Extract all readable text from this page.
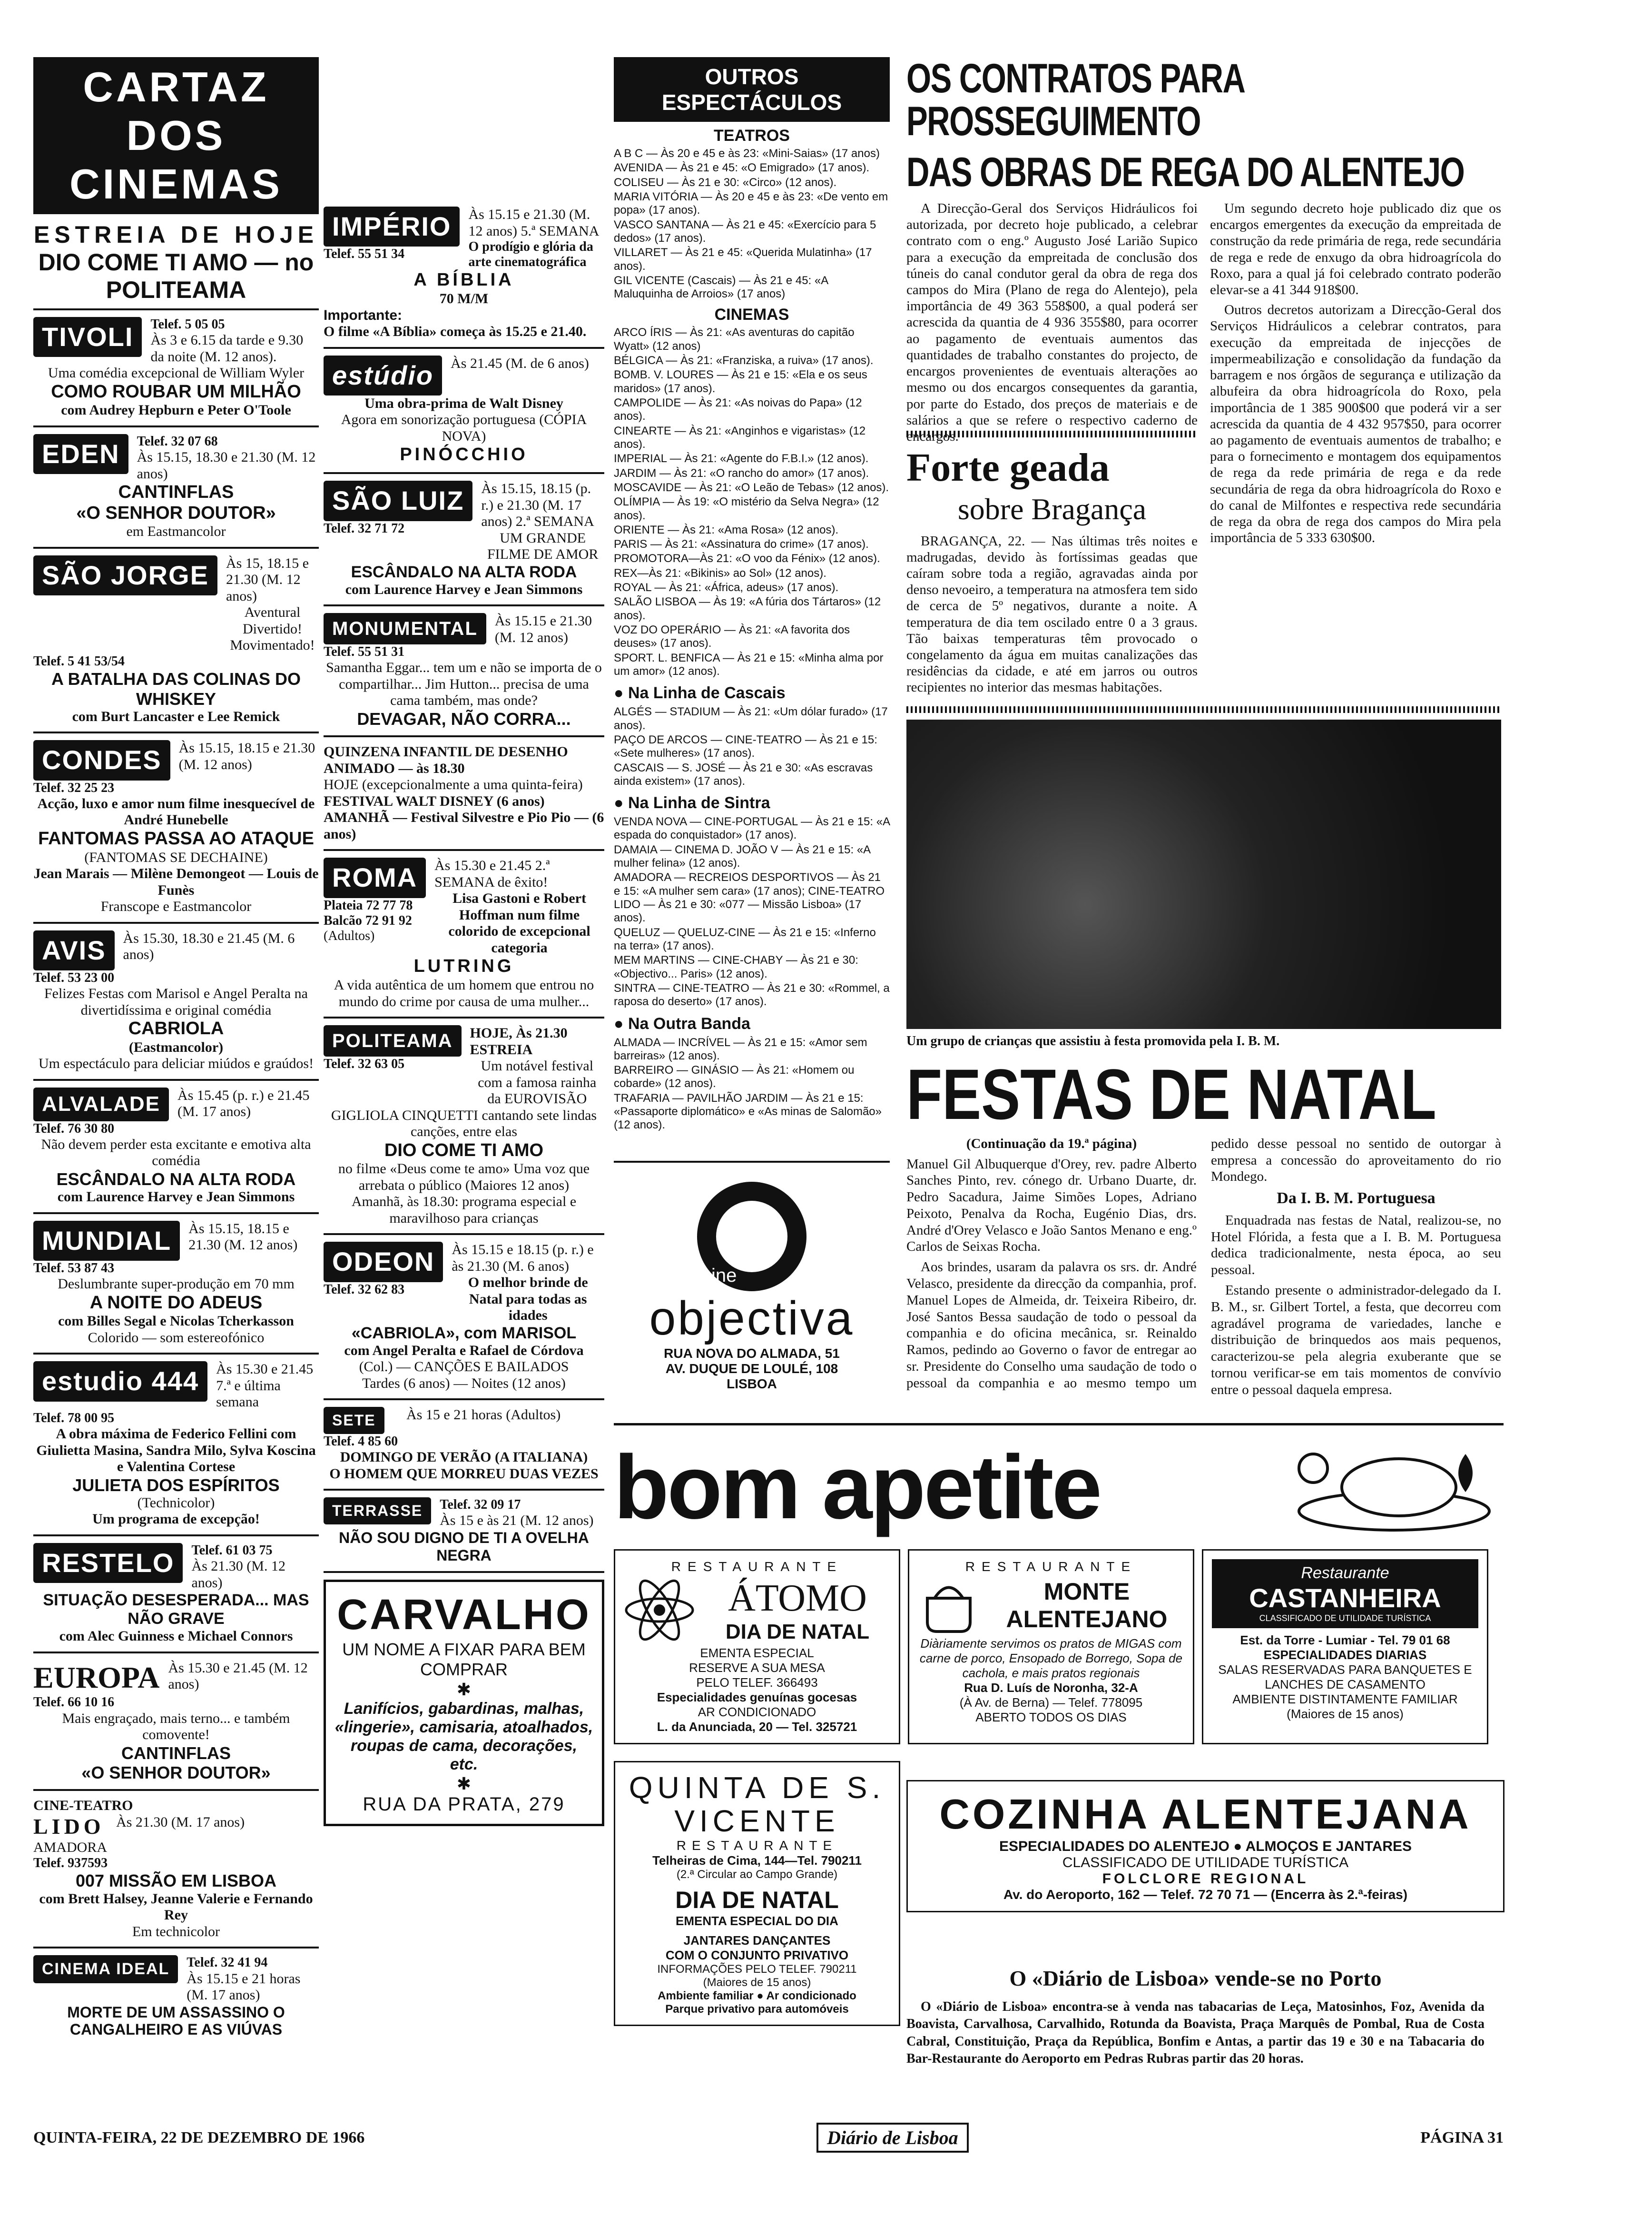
CARTAZ DOS CINEMAS
ESTREIA DE HOJE
DIO COME TI AMO — no POLITEAMA
TIVOLI	Telef. 5 05 05
Às 3 e 6.15 da tarde e 9.30 da noite (M. 12 anos).
Uma comédia excepcional de William Wyler
COMO ROUBAR UM MILHÃO
com Audrey Hepburn e Peter O'Toole
EDEN	Telef. 32 07 68
Às 15.15, 18.30 e 21.30 (M. 12 anos)
CANTINFLAS
«O SENHOR DOUTOR»
em Eastmancolor
SÃO JORGE	Às 15, 18.15 e 21.30 (M. 12 anos)
Aventural Divertido! Movimentado!
Telef. 5 41 53/54
A BATALHA DAS COLINAS DO WHISKEY
com Burt Lancaster e Lee Remick
CONDES	Às 15.15, 18.15 e 21.30 (M. 12 anos)
Telef. 32 25 23
Acção, luxo e amor num filme inesquecível de André Hunebelle
FANTOMAS PASSA AO ATAQUE
(FANTOMAS SE DECHAINE)
Jean Marais — Milène Demongeot — Louis de Funès
Franscope e Eastmancolor
AVIS	Às 15.30, 18.30 e 21.45 (M. 6 anos)
Telef. 53 23 00
Felizes Festas com Marisol e Angel Peralta na divertidíssima e original comédia
CABRIOLA
(Eastmancolor)
Um espectáculo para deliciar miúdos e graúdos!
ALVALADE	Às 15.45 (p. r.) e 21.45 (M. 17 anos)
Telef. 76 30 80
Não devem perder esta excitante e emotiva alta comédia
ESCÂNDALO NA ALTA RODA
com Laurence Harvey e Jean Simmons
MUNDIAL	Às 15.15, 18.15 e 21.30 (M. 12 anos)
Telef. 53 87 43
Deslumbrante super-produção em 70 mm
A NOITE DO ADEUS
com Billes Segal e Nicolas Tcherkasson
Colorido — som estereofónico
estudio 444	Às 15.30 e 21.45 7.ª e última semana
Telef. 78 00 95
A obra máxima de Federico Fellini com Giulietta Masina, Sandra Milo, Sylva Koscina e Valentina Cortese
JULIETA DOS ESPÍRITOS
(Technicolor)
Um programa de excepção!
RESTELO	Telef. 61 03 75
Às 21.30 (M. 12 anos)
SITUAÇÃO DESESPERADA... MAS NÃO GRAVE
com Alec Guinness e Michael Connors
EUROPA Às 15.30 e 21.45 (M. 12 anos)
Telef. 66 10 16
Mais engraçado, mais terno... e também comovente!
CANTINFLAS
«O SENHOR DOUTOR»
CINE-TEATRO
LIDO
AMADORA
Telef. 937593
Às 21.30 (M. 17 anos)
007 MISSÃO EM LISBOA
com Brett Halsey, Jeanne Valerie e Fernando Rey
Em technicolor
CINEMA IDEAL	Telef. 32 41 94
Às 15.15 e 21 horas (M. 17 anos)
MORTE DE UM ASSASSINO O CANGALHEIRO E AS VIÚVAS
IMPÉRIO
Telef. 55 51 34
Às 15.15 e 21.30 (M. 12 anos) 5.ª SEMANA
O prodígio e glória da arte cinematográfica
A BÍBLIA
70 M/M
Importante:
O filme «A Bíblia» começa às 15.25 e 21.40.
estúdio	Às 21.45 (M. de 6 anos)
Uma obra-prima de Walt Disney
Agora em sonorização portuguesa (CÓPIA NOVA)
PINÓCCHIO
SÃO LUIZ
Telef. 32 71 72
Às 15.15, 18.15 (p. r.) e 21.30 (M. 17 anos) 2.ª SEMANA
UM GRANDE FILME DE AMOR
ESCÂNDALO NA ALTA RODA
com Laurence Harvey e Jean Simmons
MONUMENTAL
Telef. 55 51 31
Às 15.15 e 21.30 (M. 12 anos)
Samantha Eggar... tem um e não se importa de o compartilhar... Jim Hutton... precisa de uma cama também, mas onde?
DEVAGAR, NÃO CORRA...
QUINZENA INFANTIL DE DESENHO ANIMADO — às 18.30
HOJE (excepcionalmente a uma quinta-feira)
FESTIVAL WALT DISNEY (6 anos)
AMANHÃ — Festival Silvestre e Pio Pio — (6 anos)
ROMA
Plateia 72 77 78
Balcão 72 91 92
(Adultos)
Às 15.30 e 21.45 2.ª SEMANA de êxito!
Lisa Gastoni e Robert Hoffman num filme colorido de excepcional categoria
LUTRING
A vida autêntica de um homem que entrou no mundo do crime por causa de uma mulher...
POLITEAMA
Telef. 32 63 05
HOJE, Às 21.30 ESTREIA
Um notável festival com a famosa rainha da EUROVISÃO
GIGLIOLA CINQUETTI cantando sete lindas canções, entre elas
DIO COME TI AMO
no filme «Deus come te amo» Uma voz que arrebata o público (Maiores 12 anos)
Amanhã, às 18.30: programa especial e maravilhoso para crianças
ODEON
Telef. 32 62 83
Às 15.15 e 18.15 (p. r.) e às 21.30 (M. 6 anos)
O melhor brinde de Natal para todas as idades
«CABRIOLA», com MARISOL
com Angel Peralta e Rafael de Córdova
(Col.) — CANÇÕES E BAILADOS
Tardes (6 anos) — Noites (12 anos)
SETE
Telef. 4 85 60
Às 15 e 21 horas (Adultos)
DOMINGO DE VERÃO (A ITALIANA)
O HOMEM QUE MORREU DUAS VEZES
TERRASSE	Telef. 32 09 17
Às 15 e às 21 (M. 12 anos)
NÃO SOU DIGNO DE TI A OVELHA NEGRA
CARVALHO
UM NOME A FIXAR PARA BEM COMPRAR
✱
Lanifícios, gabardinas, malhas, «lingerie», camisaria, atoalhados, roupas de cama, decorações, etc.
✱
RUA DA PRATA, 279
OUTROS ESPECTÁCULOS
TEATROS
A B C — Às 20 e 45 e às 23: «Mini-Saias» (17 anos)
AVENIDA — Às 21 e 45: «O Emigrado» (17 anos).
COLISEU — Às 21 e 30: «Circo» (12 anos).
MARIA VITÓRIA — Às 20 e 45 e às 23: «De vento em popa» (17 anos).
VASCO SANTANA — Às 21 e 45: «Exercício para 5 dedos» (17 anos).
VILLARET — Às 21 e 45: «Querida Mulatinha» (17 anos).
GIL VICENTE (Cascais) — Às 21 e 45: «A Maluquinha de Arroios» (17 anos)
CINEMAS
ARCO ÍRIS — Às 21: «As aventuras do capitão Wyatt» (12 anos)
BÉLGICA — Às 21: «Franziska, a ruiva» (17 anos).
BOMB. V. LOURES — Às 21 e 15: «Ela e os seus maridos» (17 anos).
CAMPOLIDE — Às 21: «As noivas do Papa» (12 anos).
CINEARTE — Às 21: «Anginhos e vigaristas» (12 anos).
IMPERIAL — Às 21: «Agente do F.B.I.» (12 anos).
JARDIM — Às 21: «O rancho do amor» (17 anos).
MOSCAVIDE — Às 21: «O Leão de Tebas» (12 anos).
OLÍMPIA — Às 19: «O mistério da Selva Negra» (12 anos).
ORIENTE — Às 21: «Ama Rosa» (12 anos).
PARIS — Às 21: «Assinatura do crime» (17 anos).
PROMOTORA—Às 21: «O voo da Fénix» (12 anos).
REX—Às 21: «Bikinis» ao Sol» (12 anos).
ROYAL — Às 21: «África, adeus» (17 anos).
SALÃO LISBOA — Às 19: «A fúria dos Tártaros» (12 anos).
VOZ DO OPERÁRIO — Às 21: «A favorita dos deuses» (17 anos).
SPORT. L. BENFICA — Às 21 e 15: «Minha alma por um amor» (12 anos).
● Na Linha de Cascais
ALGÉS — STADIUM — Às 21: «Um dólar furado» (17 anos).
PAÇO DE ARCOS — CINE-TEATRO — Às 21 e 15: «Sete mulheres» (17 anos).
CASCAIS — S. JOSÉ — Às 21 e 30: «As escravas ainda existem» (17 anos).
● Na Linha de Sintra
VENDA NOVA — CINE-PORTUGAL — Às 21 e 15: «A espada do conquistador» (17 anos).
DAMAIA — CINEMA D. JOÃO V — Às 21 e 15: «A mulher felina» (12 anos).
AMADORA — RECREIOS DESPORTIVOS — Às 21 e 15: «A mulher sem cara» (17 anos); CINE-TEATRO LIDO — Às 21 e 30: «077 — Missão Lisboa» (17 anos).
QUELUZ — QUELUZ-CINE — Às 21 e 15: «Inferno na terra» (17 anos).
MEM MARTINS — CINE-CHABY — Às 21 e 30: «Objectivo... Paris» (12 anos).
SINTRA — CINE-TEATRO — Às 21 e 30: «Rommel, a raposa do deserto» (17 anos).
● Na Outra Banda
ALMADA — INCRÍVEL — Às 21 e 15: «Amor sem barreiras» (12 anos).
BARREIRO — GINÁSIO — Às 21: «Homem ou cobarde» (12 anos).
TRAFARIA — PAVILHÃO JARDIM — Às 21 e 15: «Passaporte diplomático» e «As minas de Salomão» (12 anos).
cine
objectiva
RUA NOVA DO ALMADA, 51
AV. DUQUE DE LOULÉ, 108
LISBOA
OS CONTRATOS PARA PROSSEGUIMENTO
DAS OBRAS DE REGA DO ALENTEJO

A Direcção-Geral dos Serviços Hidráulicos foi autorizada, por decreto hoje publicado, a celebrar contrato com o eng.º Augusto José Larião Supico para a execução da empreitada de conclusão dos túneis do canal condutor geral da obra de rega dos campos do Mira (Plano de rega do Alentejo), pela importância de 49 363 558$00, a qual poderá ser acrescida da quantia de 4 936 355$80, para ocorrer ao pagamento de eventuais aumentos das quantidades de trabalho constantes do projecto, de encargos provenientes de eventuais alterações ao mesmo ou dos encargos consequentes da garantia, por parte do Estado, dos preços de materiais e de salários a que se refere o respectivo caderno de encargos.

Forte geada
sobre Bragança

BRAGANÇA, 22. — Nas últimas três noites e madrugadas, devido às fortíssimas geadas que caíram sobre toda a região, agravadas ainda por denso nevoeiro, a temperatura na atmosfera tem sido de cerca de 5º negativos, durante a noite. A temperatura de dia tem oscilado entre 0 a 3 graus. Tão baixas temperaturas têm provocado o congelamento da água em muitas canalizações das residências da cidade, e até em jarros ou outros recipientes no interior das mesmas habitações.

Um segundo decreto hoje publicado diz que os encargos emergentes da execução da empreitada de construção da rede primária de rega, rede secundária de rega e rede de enxugo da obra hidroagrícola do Roxo, para a qual já foi celebrado contrato poderão elevar-se a 41 344 918$00.

Outros decretos autorizam a Direcção-Geral dos Serviços Hidráulicos a celebrar contratos, para execução da empreitada de injecções de impermeabilização e consolidação da fundação da barragem e nos órgãos de segurança e utilização da albufeira da obra hidroagrícola do Roxo, pela importância de 1 385 900$00 que poderá vir a ser acrescida da quantia de 4 432 957$50, para ocorrer ao pagamento de eventuais aumentos de trabalho; e para o fornecimento e montagem dos equipamentos de rega da rede primária de rega e da rede secundária de rega da obra hidroagrícola do Roxo e do canal de Milfontes e respectiva rede secundária de rega da obra de rega dos campos do Mira pela importância de 5 333 630$00.

Um grupo de crianças que assistiu à festa promovida pela I. B. M.
FESTAS DE NATAL

(Continuação da 19.ª página)

Manuel Gil Albuquerque d'Orey, rev. padre Alberto Sanches Pinto, rev. cónego dr. Urbano Duarte, dr. Pedro Sacadura, Jaime Simões Lopes, Adriano Peixoto, Penalva da Rocha, Eugénio Dias, drs. André d'Orey Velasco e João Santos Menano e eng.º Carlos de Seixas Rocha.

Aos brindes, usaram da palavra os srs. dr. André Velasco, presidente da direcção da companhia, prof. Manuel Lopes de Almeida, dr. Teixeira Ribeiro, dr. José Santos Bessa saudação de todo o pessoal da companhia e do oficina mecânica, sr. Reinaldo Ramos, pedindo ao Governo o favor de entregar ao sr. Presidente do Conselho uma saudação de todo o pessoal da companhia e ao mesmo tempo um pedido desse pessoal no sentido de outorgar à empresa a concessão do aproveitamento do rio Mondego.

Da I. B. M. Portuguesa

Enquadrada nas festas de Natal, realizou-se, no Hotel Flórida, a festa que a I. B. M. Portuguesa dedica tradicionalmente, nesta época, ao seu pessoal.

Estando presente o administrador-delegado da I. B. M., sr. Gilbert Tortel, a festa, que decorreu com agradável programa de variedades, lanche e distribuição de brinquedos aos mais pequenos, caracterizou-se pela alegria exuberante que se tornou verificar-se em tais momentos de convívio entre o pessoal daquela empresa.

bom apetite
RESTAURANTE
ÁTOMO
DIA DE NATAL
EMENTA ESPECIAL
RESERVE A SUA MESA
PELO TELEF. 366493
Especialidades genuínas gocesas
AR CONDICIONADO
L. da Anunciada, 20 — Tel. 325721
RESTAURANTE
MONTE ALENTEJANO
Diàriamente servimos os pratos de MIGAS com carne de porco, Ensopado de Borrego, Sopa de cachola, e mais pratos regionais
Rua D. Luís de Noronha, 32-A
(À Av. de Berna) — Telef. 778095
ABERTO TODOS OS DIAS
Restaurante
CASTANHEIRA
CLASSIFICADO DE UTILIDADE TURÍSTICA
Est. da Torre - Lumiar - Tel. 79 01 68
ESPECIALIDADES DIARIAS
SALAS RESERVADAS PARA BANQUETES E LANCHES DE CASAMENTO
AMBIENTE DISTINTAMENTE FAMILIAR
(Maiores de 15 anos)
QUINTA DE S. VICENTE
RESTAURANTE
Telheiras de Cima, 144—Tel. 790211
(2.ª Circular ao Campo Grande)
DIA DE NATAL
EMENTA ESPECIAL DO DIA
JANTARES DANÇANTES
COM O CONJUNTO PRIVATIVO
INFORMAÇÕES PELO TELEF. 790211
(Maiores de 15 anos)
Ambiente familiar ● Ar condicionado
Parque privativo para automóveis
COZINHA ALENTEJANA
ESPECIALIDADES DO ALENTEJO ● ALMOÇOS E JANTARES
CLASSIFICADO DE UTILIDADE TURÍSTICA
FOLCLORE REGIONAL
Av. do Aeroporto, 162 — Telef. 72 70 71 — (Encerra às 2.ª-feiras)
O «Diário de Lisboa» vende-se no Porto
O «Diário de Lisboa» encontra-se à venda nas tabacarias de Leça, Matosinhos, Foz, Avenida da Boavista, Carvalhosa, Carvalhido, Rotunda da Boavista, Praça Marquês de Pombal, Rua de Costa Cabral, Constituição, Praça da República, Bonfim e Antas, a partir das 19 e 30 e na Tabacaria do Bar-Restaurante do Aeroporto em Pedras Rubras partir das 20 horas.
QUINTA-FEIRA, 22 DE DEZEMBRO DE 1966	Diário de Lisboa	PÁGINA 31
